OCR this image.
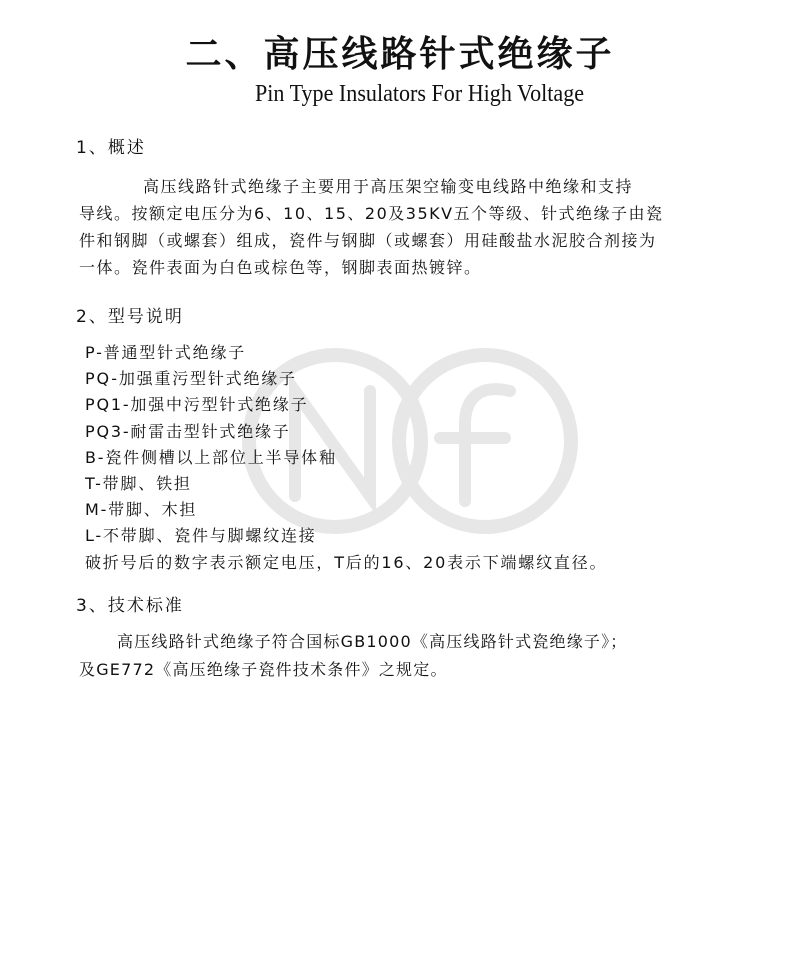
二、高压线路针式绝缘子
Pin Type Insulators For High Voltage
1、概述

高压线路针式绝缘子主要用于高压架空输变电线路中绝缘和支持

导线。按额定电压分为6、10、15、20及35KV五个等级、针式绝缘子由瓷

件和钢脚（或螺套）组成，瓷件与钢脚（或螺套）用硅酸盐水泥胶合剂接为

一体。瓷件表面为白色或棕色等，钢脚表面热镀锌。

2、型号说明
P-普通型针式绝缘子
PQ-加强重污型针式绝缘子
PQ1-加强中污型针式绝缘子
PQ3-耐雷击型针式绝缘子
B-瓷件侧槽以上部位上半导体釉
T-带脚、铁担
M-带脚、木担
L-不带脚、瓷件与脚螺纹连接
破折号后的数字表示额定电压，T后的16、20表示下端螺纹直径。
3、技术标准

高压线路针式绝缘子符合国标GB1000《高压线路针式瓷绝缘子》；

及GE772《高压绝缘子瓷件技术条件》之规定。
